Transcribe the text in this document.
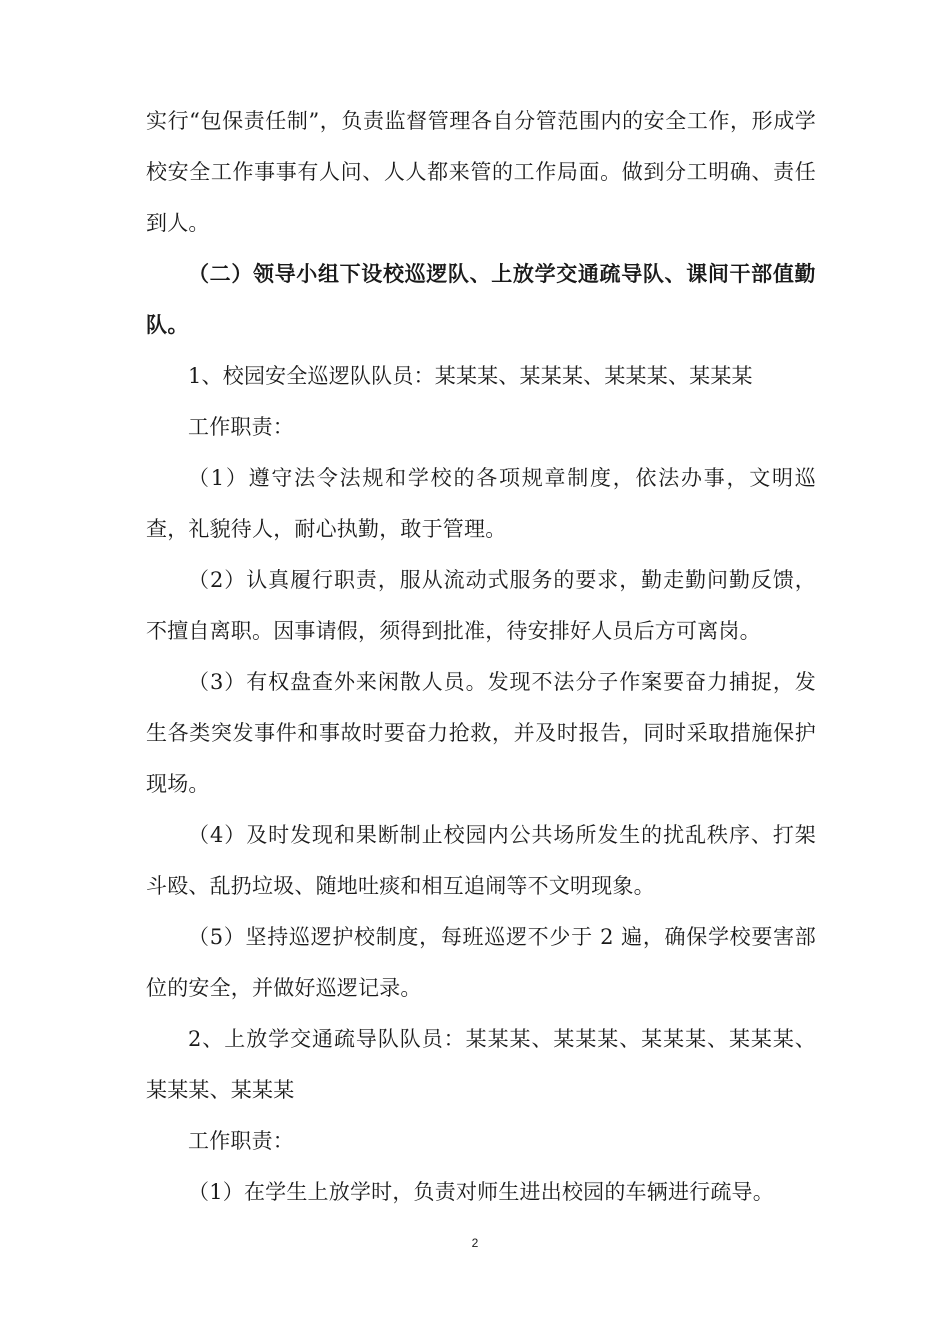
实行“包保责任制”，负责监督管理各自分管范围内的安全工作，形成学校安全工作事事有人问、人人都来管的工作局面。做到分工明确、责任到人。

（二）领导小组下设校巡逻队、上放学交通疏导队、课间干部值勤队。

1、校园安全巡逻队队员：某某某、某某某、某某某、某某某

工作职责：

（1）遵守法令法规和学校的各项规章制度，依法办事，文明巡查，礼貌待人，耐心执勤，敢于管理。

（2）认真履行职责，服从流动式服务的要求，勤走勤问勤反馈，不擅自离职。因事请假，须得到批准，待安排好人员后方可离岗。

（3）有权盘查外来闲散人员。发现不法分子作案要奋力捕捉，发生各类突发事件和事故时要奋力抢救，并及时报告，同时采取措施保护现场。

（4）及时发现和果断制止校园内公共场所发生的扰乱秩序、打架斗殴、乱扔垃圾、随地吐痰和相互追闹等不文明现象。

（5）坚持巡逻护校制度，每班巡逻不少于 2 遍，确保学校要害部位的安全，并做好巡逻记录。

2、上放学交通疏导队队员：某某某、某某某、某某某、某某某、某某某、某某某

工作职责：

（1）在学生上放学时，负责对师生进出校园的车辆进行疏导。

2
